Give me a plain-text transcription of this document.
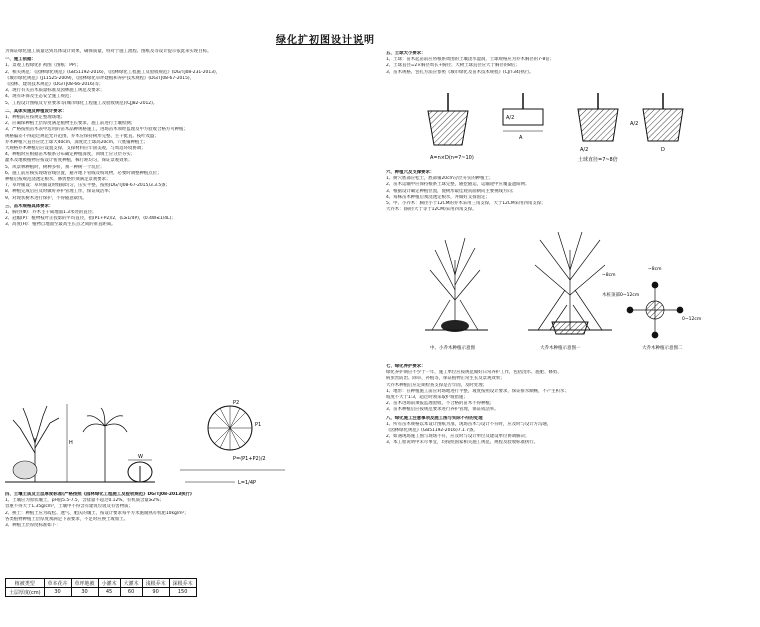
绿化扩初图设计说明

为保证绿化施工质量达到具体设计效果，确保质量，特对于施工流程、图纸及等设计提示依此来实现目标。

一、施工依据：

1、景观工程绿化扩初图（图纸：PP）；

2、相关规范：《园林绿化规范》(GB51192-2016)，《园林绿化工程施工及验收规范》(DG/TJ08-231-2013)，

《城市绿化规范》(J11525-2009)，《园林绿化草坪建植和养护技术规程》(DG/TJ08-67-2015)，

《园林、建筑技术规范》(DG/TJ08-66-2016)等；

3、现行有关苗木质量标准及园林施工规范及要求；

4、现有环保及生态安全施工规范；

5、工程设计图纸及专业要求等(城市绿化工程施工及验收规范)(CJJ82-2012)。

二、具体实施及种植设计要求：

1、种植前应按规定整理场地；

2、应确保种植土层厚度满足植物生长要求，施工前进行土壤检测；

3、严格按照苗木表中选用的苗木品种规格施工，进场苗木须经监理及甲方验收合格方可种植；

规格偏差不得超过规范允许范围，乔木应保持树形完整、主干挺直、枝叶茂盛；

乔木种植穴直径应比土球大40cm，深度比土球高20cm，穴底铺种植土；

大规格乔木种植后应设置支撑，支撑材料应牢固美观，与周边环境协调；

4、种植时应根据苗木根系分布确定种植深度，回填土应分层夯实；

灌木及地被植物应按设计密度种植，株行距均匀，保证景观效果；

5、风景林种植时，树种多样，须一种树一个坑位；

6、施工前应核实现场管线位置，避开地下管线及构筑物，必要时调整种植点位；

种植后按规范浇透定根水，修剪整形须满足景观要求；

7、草坪铺设：草块铺设时缝隙均匀，压实平整，按照(DG/TJ08-67-2015)3.3.5条；

8、种植完成后应及时做好养护管理工作，保证成活率；

9、对现状树木进行保护，不得随意砍伐。

三、苗木规格具体要求：

1、胸径(Φ)：乔木主干离地面1.3米处的直径；

2、冠幅(P)：植物枝叶正投影的平均直径，指(P1+P2)/2，(L≥1/4P)，(0.4W≤1/4L)；

3、高度(H)：植物自地面至最高生长点之间的垂直距离。

H
W
P1
P2
P=(P1+P2)/2
L=1/4P

四、土壤土质及土层厚度标准(严格按照《园林绿化工程施工及验收规范》DG/TJ08-2013执行)

1、土壤应为原状壤土，pH值5.5-7.5，含盐量不超过0.12%，有机质含量≥2%；

容重不得大于1.35g/cm³，土壤中不得含有建筑垃圾及有害物质；

2、换土：种植土应为疏松、透气、肥沃的壤土，按设计要求每平方米施腐熟有机肥10kg/m²；

各类植物种植土层厚度须满足下表要求，不足时应换土或加土。

3、种植土层厚度标准如下：

植被类型	草本花卉	草坪地被	小灌木	大灌木	浅根乔木	深根乔木
土层厚度(cm)	30	30	45	60	90	150

五、土球大小要求：

1、土球：苗木起苗前应将根系周围的土壤浇水湿润，土球规格应为乔木胸径的7-8倍；

2、土球直径=2×胸径周长+胸径；大树土球直径应大于胸径的8倍；

3、苗木规格、包扎方法应参照《城市绿化及苗木技术规程》(CJ/T34)执行。

A=n×D(n=7~10)
A/2
A
A/2
土球直径=7~8倍
A/2
D

六、种植穴及支撑要求：

1、树穴底部应松土，底部铺20cm分层夯实的种植土；

2、苗木运输中应保持根系土球完整，随挖随运，运输途中应覆盖遮阳网；

3、根据设计确定种植位置，使树形最佳观赏面朝向主要视线方向；

4、每株苗木种植后须浇透定根水，并做好支撑固定；

5、中、小乔木：胸径小于12CM的乔木采用三角支撑，大于12CM采用四角支撑；

大乔木：(胸径大于等于12CM)采用四角支撑。

~8cm
木桩顶部0~12cm
~8cm
0~12cm
中、小乔木种植示意图	大乔木种植示意图一	大乔木种植示意图二

七、绿化养护要求：

绿化养护期应不少于一年，施工单位应按规范做好日常养护工作，包括浇水、施肥、修剪、

病虫害防治、除草、补植等，保证植物正常生长及景观效果；

大乔木种植后应定期检查支撑是否牢固，及时处理；

1、地形：在种植施工前应对场地进行平整，坡度按照设计要求，保证排水顺畅，不产生积水；

坡度不大于1:3，超过时须采取护坡措施；

2、苗木进场前须报监理验收，不合格的苗木不得种植；

3、苗木种植后应按规范要求进行养护管理，保证成活率。

八、绿化施工注意事项及施工图与实际不符的处理

1、所有苗木规格以本设计图纸为准，现场苗木与设计不符时，应及时与设计方沟通，

《园林绿化规范》(GB51192-2016)7.1.7条。

2、如遇现场施工图与现场不符，应及时与设计单位及建设单位协调解决；

3、本工程说明中未尽事宜，均按照国家相关施工规范、规程及验收标准执行。
